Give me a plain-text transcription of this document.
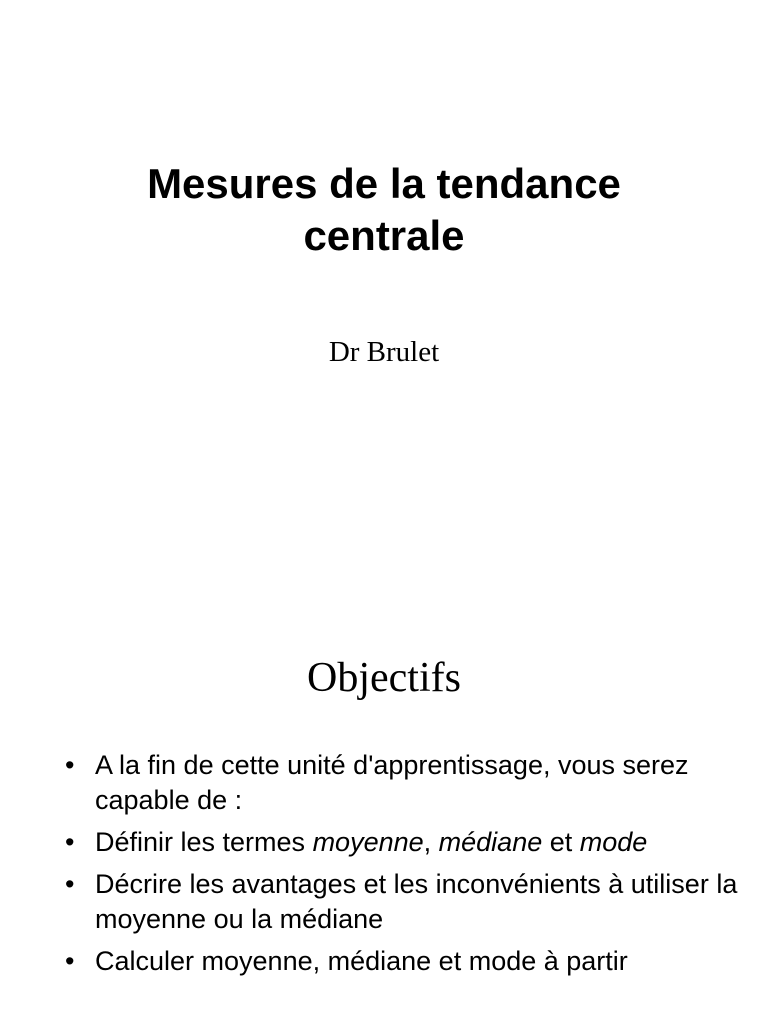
Mesures de la tendance
centrale
Dr Brulet
Objectifs
• A la fin de cette unité d'apprentissage, vous serez capable de :
• Définir les termes moyenne, médiane et mode
• Décrire les avantages et les inconvénients à utiliser la moyenne ou la médiane
• Calculer moyenne, médiane et mode à partir
